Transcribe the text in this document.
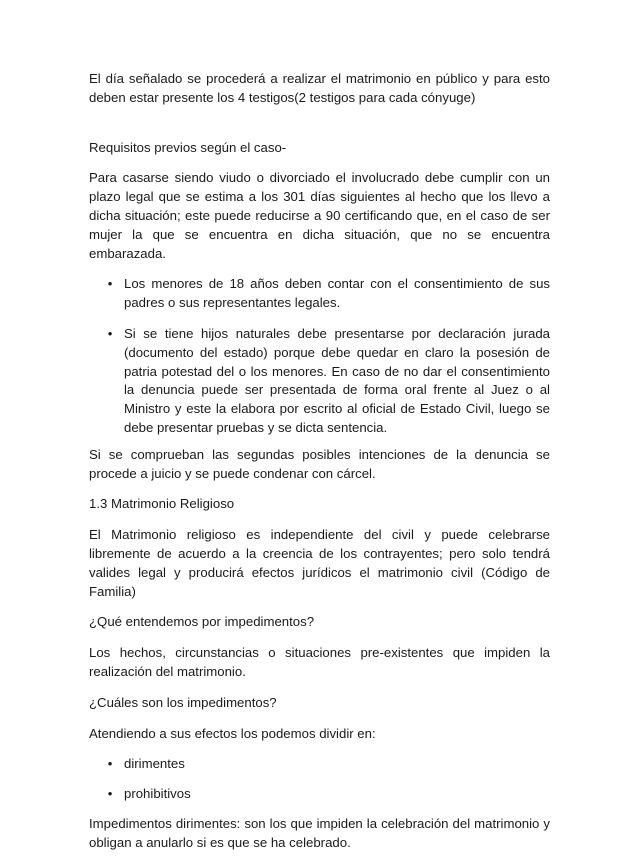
El día señalado se procederá a realizar el matrimonio en público y para esto deben estar presente los 4 testigos(2 testigos para cada cónyuge)

Requisitos previos según el caso-

Para casarse siendo viudo o divorciado el involucrado debe cumplir con un plazo legal que se estima a los 301 días siguientes al hecho que los llevo a dicha situación; este puede reducirse a 90 certificando que, en el caso de ser mujer la que se encuentra en dicha situación, que no se encuentra embarazada.

• Los menores de 18 años deben contar con el consentimiento de sus padres o sus representantes legales.
• Si se tiene hijos naturales debe presentarse por declaración jurada (documento del estado) porque debe quedar en claro la posesión de patria potestad del o los menores. En caso de no dar el consentimiento la denuncia puede ser presentada de forma oral frente al Juez o al Ministro y este la elabora por escrito al oficial de Estado Civil, luego se debe presentar pruebas y se dicta sentencia.

Si se comprueban las segundas posibles intenciones de la denuncia se procede a juicio y se puede condenar con cárcel.

1.3 Matrimonio Religioso

El Matrimonio religioso es independiente del civil y puede celebrarse libremente de acuerdo a la creencia de los contrayentes; pero solo tendrá valides legal y producirá efectos jurídicos el matrimonio civil (Código de Familia)

¿Qué entendemos por impedimentos?

Los hechos, circunstancias o situaciones pre-existentes que impiden la realización del matrimonio.

¿Cuáles son los impedimentos?

Atendiendo a sus efectos los podemos dividir en:

• dirimentes
• prohibitivos

Impedimentos dirimentes: son los que impiden la celebración del matrimonio y obligan a anularlo si es que se ha celebrado.
